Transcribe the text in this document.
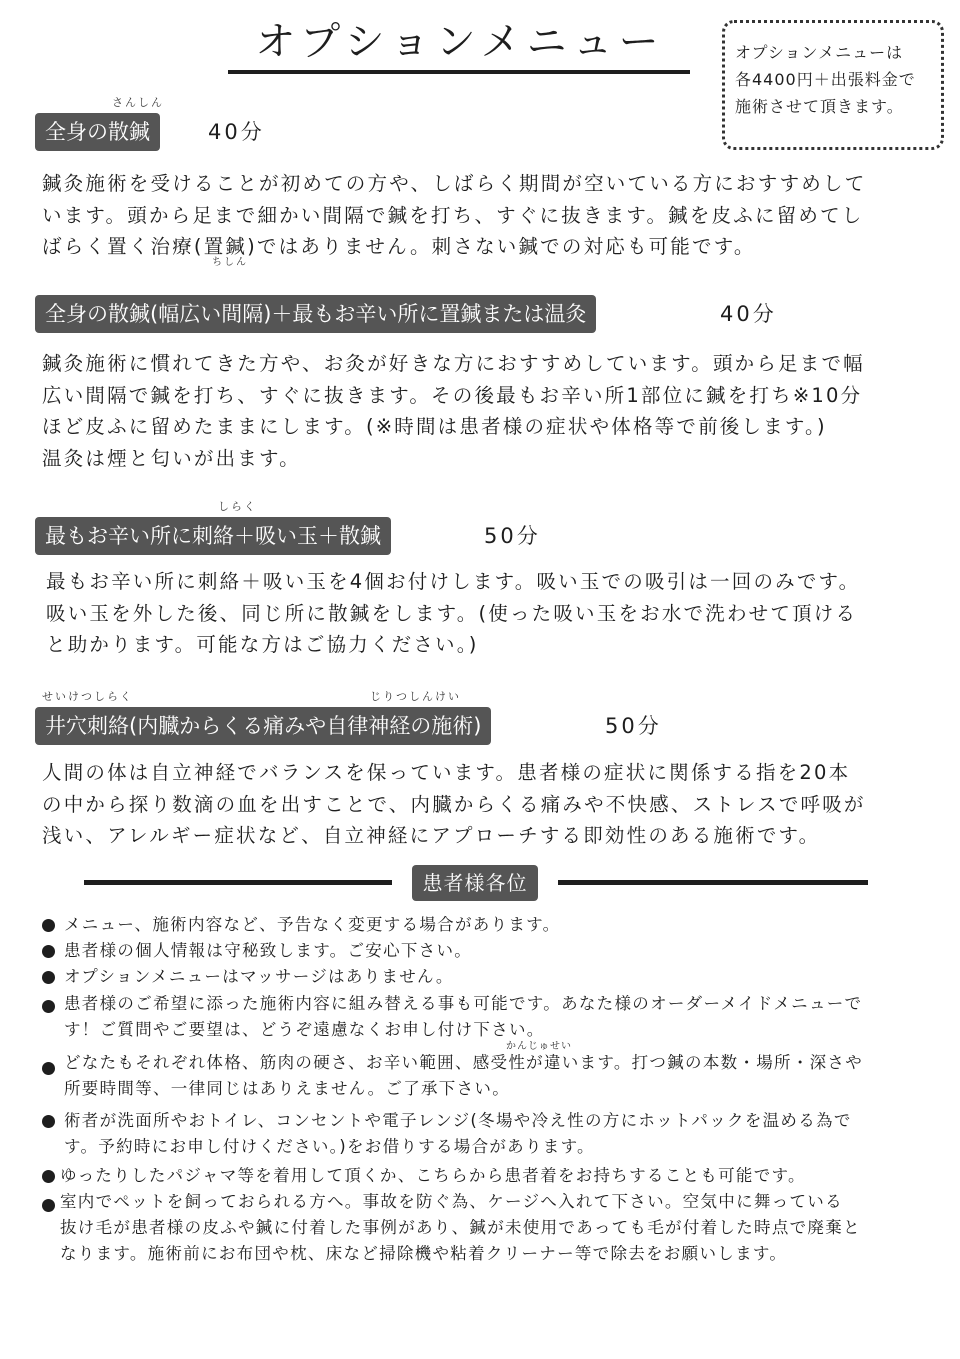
オプションメニュー	オプションメニューは
各4400円＋出張料金で
施術させて頂きます。
さんしん
全身の散鍼	40分
鍼灸施術を受けることが初めての方や、しばらく期間が空いている方におすすめして
います。頭から足まで細かい間隔で鍼を打ち、すぐに抜きます。鍼を皮ふに留めてし
ばらく置く治療(置鍼)ではありません。刺さない鍼での対応も可能です。
ちしん
全身の散鍼(幅広い間隔)＋最もお辛い所に置鍼または温灸	40分
鍼灸施術に慣れてきた方や、お灸が好きな方におすすめしています。頭から足まで幅
広い間隔で鍼を打ち、すぐに抜きます。その後最もお辛い所1部位に鍼を打ち※10分
ほど皮ふに留めたままにします。(※時間は患者様の症状や体格等で前後します。)
温灸は煙と匂いが出ます。
しらく
最もお辛い所に刺絡＋吸い玉＋散鍼	50分
最もお辛い所に刺絡＋吸い玉を4個お付けします。吸い玉での吸引は一回のみです。
吸い玉を外した後、同じ所に散鍼をします。(使った吸い玉をお水で洗わせて頂ける
と助かります。可能な方はご協力ください。)
せいけつしらく	じりつしんけい
井穴刺絡(内臓からくる痛みや自律神経の施術)	50分
人間の体は自立神経でバランスを保っています。患者様の症状に関係する指を20本
の中から探り数滴の血を出すことで、内臓からくる痛みや不快感、ストレスで呼吸が
浅い、アレルギー症状など、自立神経にアプローチする即効性のある施術です。
患者様各位
メニュー、施術内容など、予告なく変更する場合があります。
患者様の個人情報は守秘致します。ご安心下さい。
オプションメニューはマッサージはありません。
患者様のご希望に添った施術内容に組み替える事も可能です。あなた様のオーダーメイドメニューで
す！ご質問やご要望は、どうぞ遠慮なくお申し付け下さい。
かんじゅせい
どなたもそれぞれ体格、筋肉の硬さ、お辛い範囲、感受性が違います。打つ鍼の本数・場所・深さや
所要時間等、一律同じはありえません。ご了承下さい。
術者が洗面所やおトイレ、コンセントや電子レンジ(冬場や冷え性の方にホットパックを温める為で
す。予約時にお申し付けください。)をお借りする場合があります。
ゆったりしたパジャマ等を着用して頂くか、こちらから患者着をお持ちすることも可能です。
室内でペットを飼っておられる方へ。事故を防ぐ為、ケージへ入れて下さい。空気中に舞っている
抜け毛が患者様の皮ふや鍼に付着した事例があり、鍼が未使用であっても毛が付着した時点で廃棄と
なります。施術前にお布団や枕、床など掃除機や粘着クリーナー等で除去をお願いします。
